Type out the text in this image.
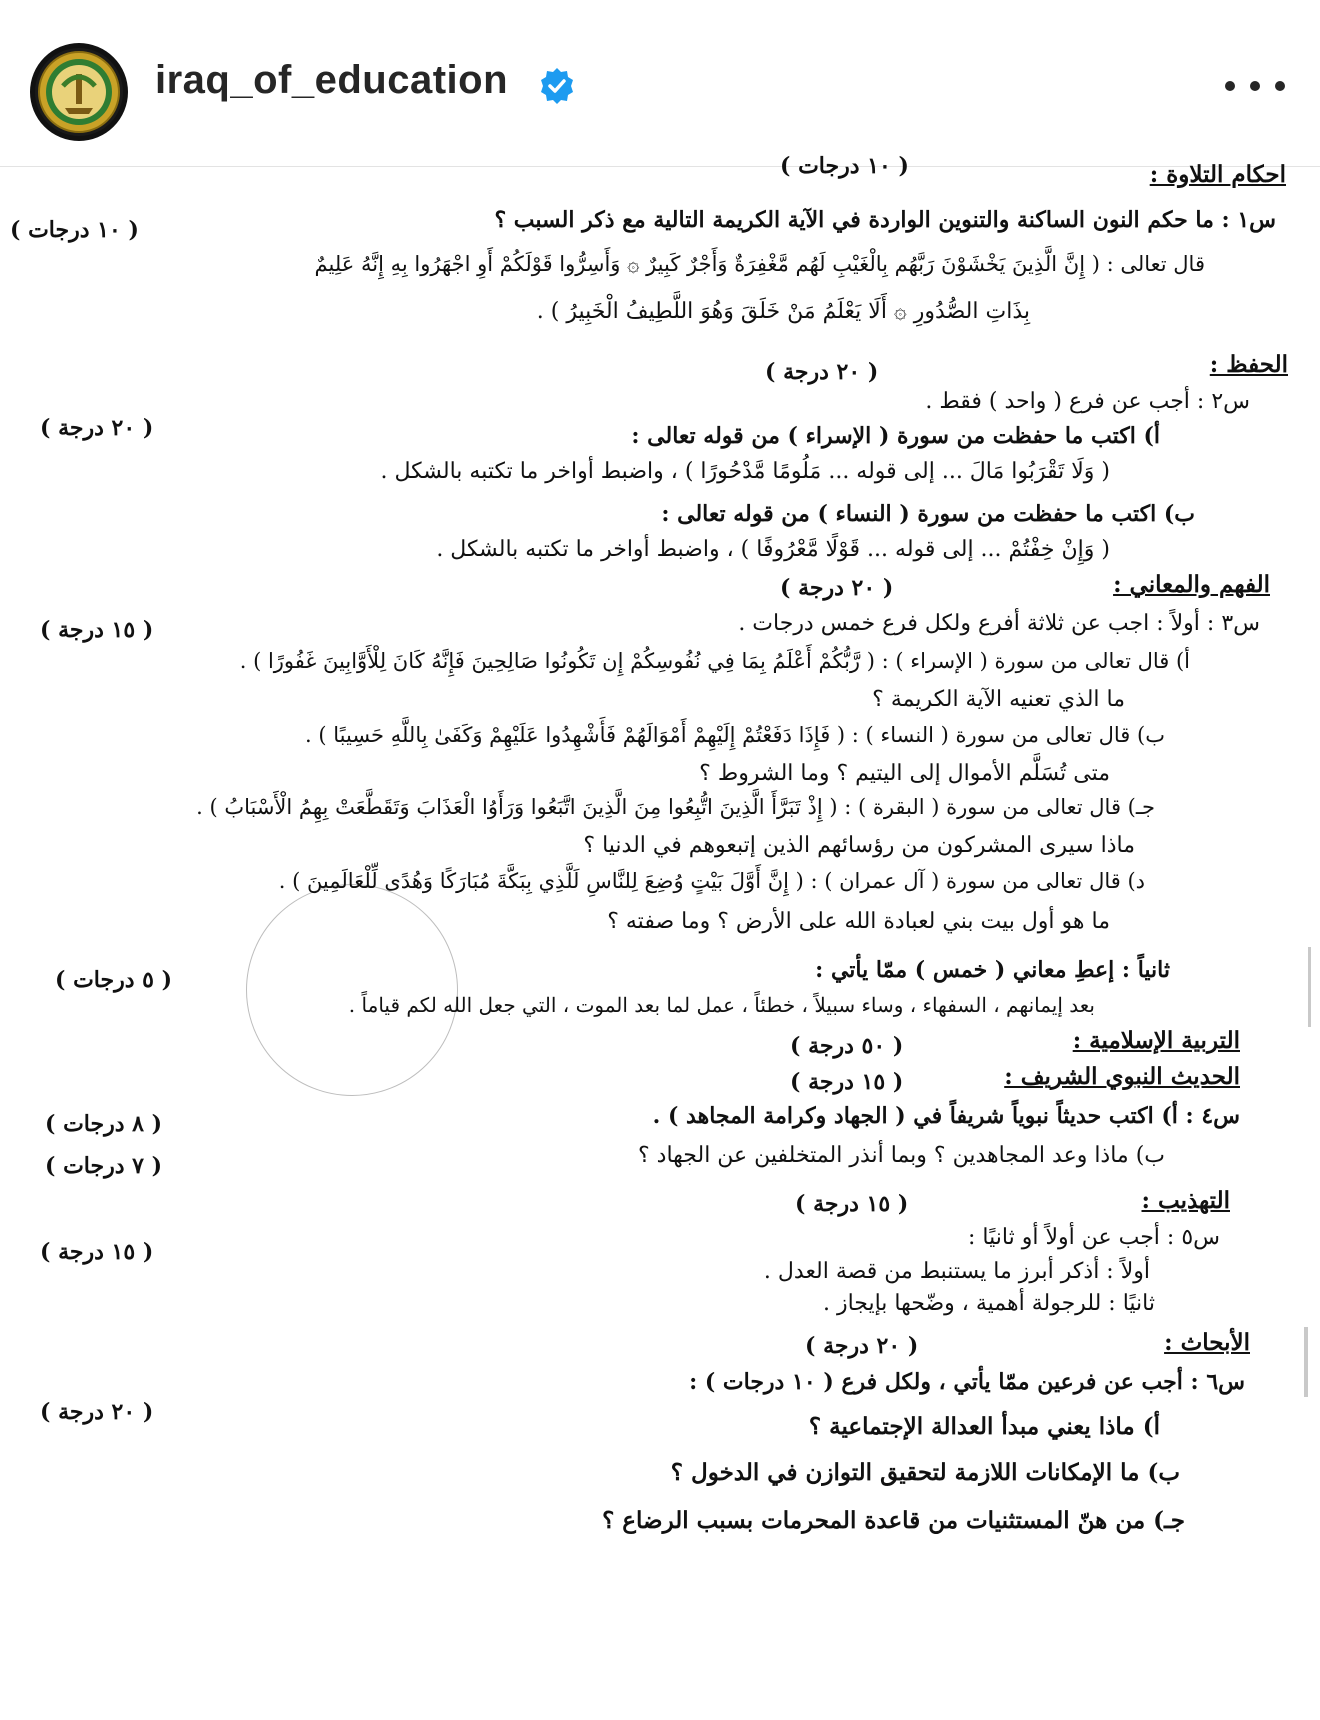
iraq_of_education
( ١٠ درجات )	احكام التلاوة :
س١ : ما حكم النون الساكنة والتنوين الواردة في الآية الكريمة التالية مع ذكر السبب ؟
( ١٠ درجات )
قال تعالى : ( إِنَّ الَّذِينَ يَخْشَوْنَ رَبَّهُم بِالْغَيْبِ لَهُم مَّغْفِرَةٌ وَأَجْرٌ كَبِيرٌ ۞ وَأَسِرُّوا قَوْلَكُمْ أَوِ اجْهَرُوا بِهِ إِنَّهُ عَلِيمٌ
بِذَاتِ الصُّدُورِ ۞ أَلَا يَعْلَمُ مَنْ خَلَقَ وَهُوَ اللَّطِيفُ الْخَبِيرُ ) .
الحفظ :
( ٢٠ درجة )
س٢ : أجب عن فرع ( واحد ) فقط .
( ٢٠ درجة )	أ) اكتب ما حفظت من سورة ( الإسراء ) من قوله تعالى :
( وَلَا تَقْرَبُوا مَالَ ... إلى قوله ... مَلُومًا مَّدْحُورًا ) ، واضبط أواخر ما تكتبه بالشكل .
ب) اكتب ما حفظت من سورة ( النساء ) من قوله تعالى :
( وَإِنْ خِفْتُمْ ... إلى قوله ... قَوْلًا مَّعْرُوفًا ) ، واضبط أواخر ما تكتبه بالشكل .
الفهم والمعاني :
( ٢٠ درجة )
س٣ : أولاً : اجب عن ثلاثة أفرع ولكل فرع خمس درجات .
( ١٥ درجة )
أ) قال تعالى من سورة ( الإسراء ) : ( رَّبُّكُمْ أَعْلَمُ بِمَا فِي نُفُوسِكُمْ إِن تَكُونُوا صَالِحِينَ فَإِنَّهُ كَانَ لِلْأَوَّابِينَ غَفُورًا ) .
ما الذي تعنيه الآية الكريمة ؟
ب) قال تعالى من سورة ( النساء ) : ( فَإِذَا دَفَعْتُمْ إِلَيْهِمْ أَمْوَالَهُمْ فَأَشْهِدُوا عَلَيْهِمْ وَكَفَىٰ بِاللَّهِ حَسِيبًا ) .
متى تُسَلَّم الأموال إلى اليتيم ؟ وما الشروط ؟
جـ) قال تعالى من سورة ( البقرة ) : ( إِذْ تَبَرَّأَ الَّذِينَ اتُّبِعُوا مِنَ الَّذِينَ اتَّبَعُوا وَرَأَوُا الْعَذَابَ وَتَقَطَّعَتْ بِهِمُ الْأَسْبَابُ ) .
ماذا سيرى المشركون من رؤسائهم الذين إتبعوهم في الدنيا ؟
د) قال تعالى من سورة ( آل عمران ) : ( إِنَّ أَوَّلَ بَيْتٍ وُضِعَ لِلنَّاسِ لَلَّذِي بِبَكَّةَ مُبَارَكًا وَهُدًى لِّلْعَالَمِينَ ) .
ما هو أول بيت بني لعبادة الله على الأرض ؟ وما صفته ؟
ثانياً : إعطِ معاني ( خمس ) ممّا يأتي :
( ٥ درجات )
بعد إيمانهم ، السفهاء ، وساء سبيلاً ، خطئاً ، عمل لما بعد الموت ، التي جعل الله لكم قياماً .
التربية الإسلامية :
( ٥٠ درجة )
الحديث النبوي الشريف :
( ١٥ درجة )
س٤ : أ) اكتب حديثاً نبوياً شريفاً في ( الجهاد وكرامة المجاهد ) .
( ٨ درجات )
ب) ماذا وعد المجاهدين ؟ وبما أنذر المتخلفين عن الجهاد ؟
( ٧ درجات )
التهذيب :
( ١٥ درجة )
س٥ : أجب عن أولاً أو ثانيًا :
( ١٥ درجة )
أولاً : أذكر أبرز ما يستنبط من قصة العدل .
ثانيًا : للرجولة أهمية ، وضّحها بإيجاز .
الأبحاث :
( ٢٠ درجة )
س٦ : أجب عن فرعين ممّا يأتي ، ولكل فرع ( ١٠ درجات ) :
( ٢٠ درجة )
أ) ماذا يعني مبدأ العدالة الإجتماعية ؟
ب) ما الإمكانات اللازمة لتحقيق التوازن في الدخول ؟
جـ) من هنّ المستثنيات من قاعدة المحرمات بسبب الرضاع ؟
